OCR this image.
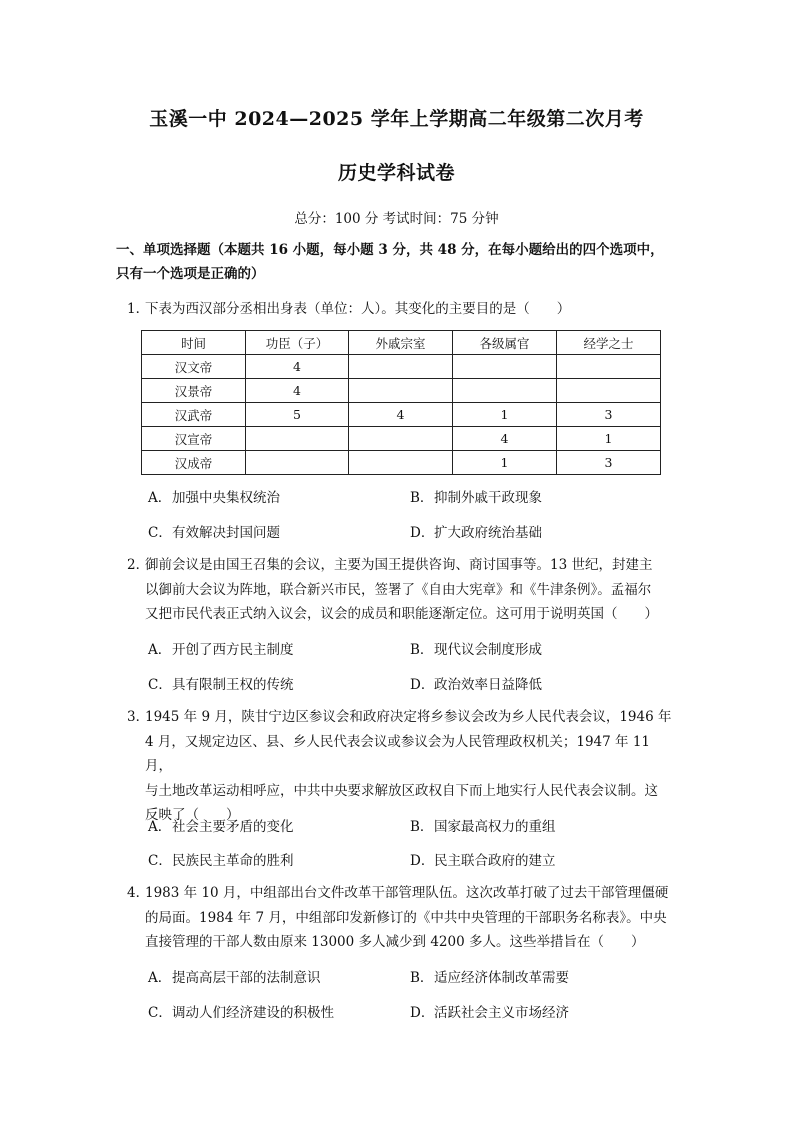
玉溪一中 2024—2025 学年上学期高二年级第二次月考
历史学科试卷
总分：100 分 考试时间：75 分钟
一、单项选择题（本题共 16 小题，每小题 3 分，共 48 分，在每小题给出的四个选项中，
只有一个选项是正确的）
1．
下表为西汉部分丞相出身表（单位：人）。其变化的主要目的是（　　）
时间	功臣（子）	外戚宗室	各级属官	经学之士
汉文帝	4			
汉景帝	4			
汉武帝	5	4	1	3
汉宣帝			4	1
汉成帝			1	3
A．加强中央集权统治	B．抑制外戚干政现象
C．有效解决封国问题	D．扩大政府统治基础
2．
御前会议是由国王召集的会议，主要为国王提供咨询、商讨国事等。13 世纪，封建主
以御前大会议为阵地，联合新兴市民，签署了《自由大宪章》和《牛津条例》。孟福尔
又把市民代表正式纳入议会，议会的成员和职能逐渐定位。这可用于说明英国（　　）
A．开创了西方民主制度	B．现代议会制度形成
C．具有限制王权的传统	D．政治效率日益降低
3．
1945 年 9 月，陕甘宁边区参议会和政府决定将乡参议会改为乡人民代表会议，1946 年
4 月，又规定边区、县、乡人民代表会议或参议会为人民管理政权机关；1947 年 11 月，
与土地改革运动相呼应，中共中央要求解放区政权自下而上地实行人民代表会议制。这
反映了（　　）
A．社会主要矛盾的变化	B．国家最高权力的重组
C．民族民主革命的胜利	D．民主联合政府的建立
4．
1983 年 10 月，中组部出台文件改革干部管理队伍。这次改革打破了过去干部管理僵硬
的局面。1984 年 7 月，中组部印发新修订的《中共中央管理的干部职务名称表》。中央
直接管理的干部人数由原来 13000 多人减少到 4200 多人。这些举措旨在（　　）
A．提高高层干部的法制意识	B．适应经济体制改革需要
C．调动人们经济建设的积极性	D．活跃社会主义市场经济
